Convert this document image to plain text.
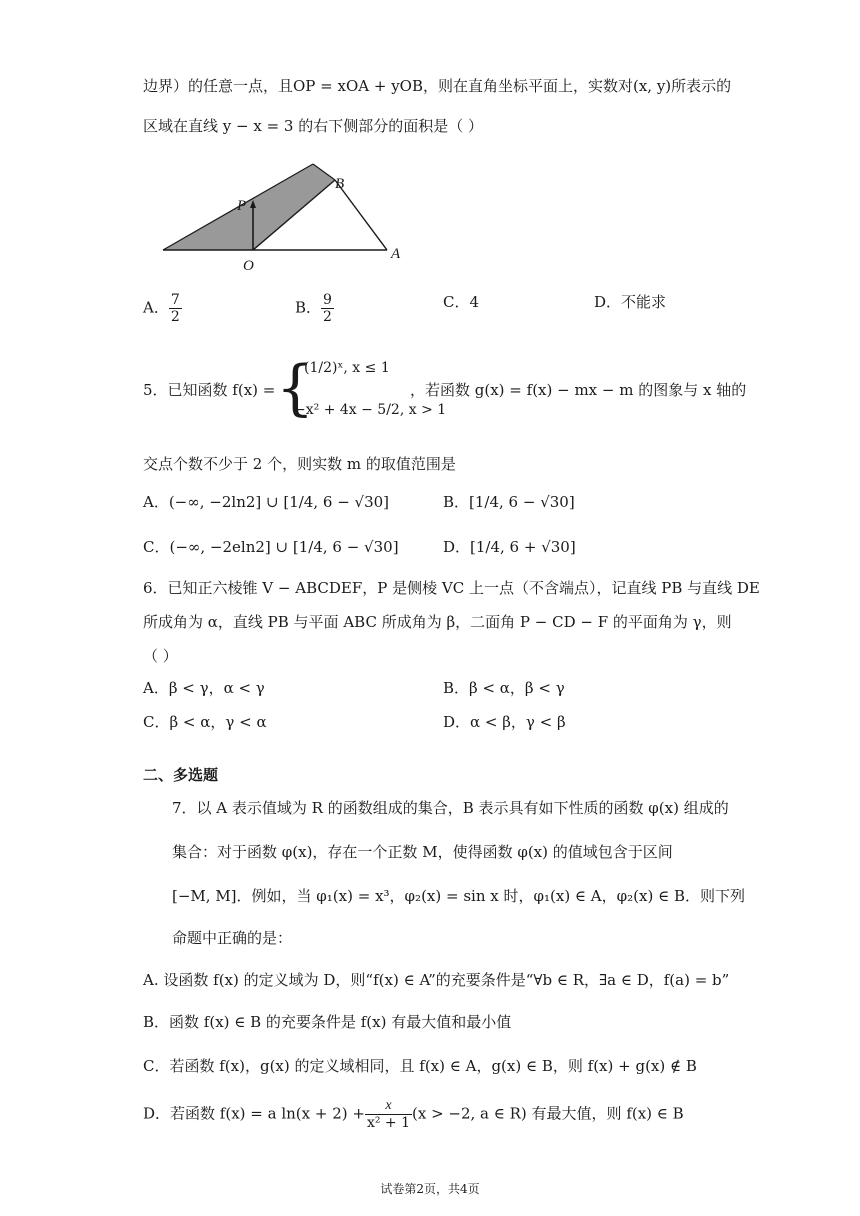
边界）的任意一点，且OP = xOA + yOB，则在直角坐标平面上，实数对(x, y)所表示的
区域在直线 y − x = 3 的右下侧部分的面积是（ ）
P
B
O
A
A． $\frac{7}{2}$	B． $\frac{9}{2}$	C．4	D．不能求
5．已知函数 f(x) = {
(1/2)ˣ, x ≤ 1
−x² + 4x − 5/2, x > 1
，若函数 g(x) = f(x) − mx − m 的图象与 x 轴的
交点个数不少于 2 个，则实数 m 的取值范围是
A．(−∞, −2ln2] ∪ [1/4, 6 − √30]	B．[1/4, 6 − √30]
C．(−∞, −2eln2] ∪ [1/4, 6 − √30]	D．[1/4, 6 + √30]
6．已知正六棱锥 V − ABCDEF，P 是侧棱 VC 上一点（不含端点），记直线 PB 与直线 DE
所成角为 α，直线 PB 与平面 ABC 所成角为 β，二面角 P − CD − F 的平面角为 γ，则
（ ）
A．β < γ，α < γ	B．β < α，β < γ
C．β < α，γ < α	D．α < β，γ < β
二、多选题
7．以 A 表示值域为 R 的函数组成的集合，B 表示具有如下性质的函数 φ(x) 组成的
集合：对于函数 φ(x)，存在一个正数 M，使得函数 φ(x) 的值域包含于区间
[−M, M]．例如，当 φ₁(x) = x³，φ₂(x) = sin x 时，φ₁(x) ∈ A，φ₂(x) ∈ B．则下列
命题中正确的是：
A. 设函数 f(x) 的定义域为 D，则“f(x) ∈ A”的充要条件是“∀b ∈ R，∃a ∈ D，f(a) = b”
B．函数 f(x) ∈ B 的充要条件是 f(x) 有最大值和最小值
C．若函数 f(x)，g(x) 的定义域相同，且 f(x) ∈ A，g(x) ∈ B，则 f(x) + g(x) ∉ B
D．若函数 f(x) = a $\ln(x + 2) + \frac{x}{\text{x² + 1}} (x > -2$, a ∈ R) 有最大值，则 f(x) ∈ B
试卷第2页，共4页
